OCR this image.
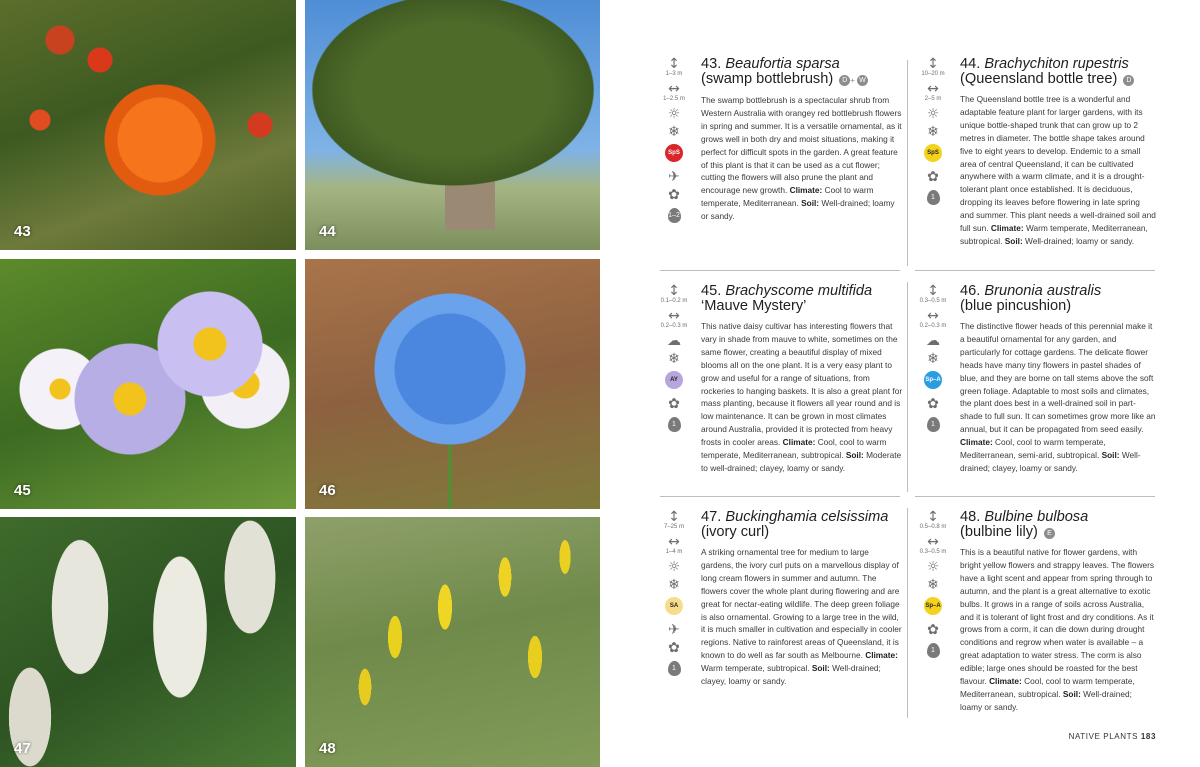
43	44
45	46
47	48
↕
1–3 m
↔
1–2.5 m
☼
❄
SpS
✈
✿
1–2
43. Beaufortia sparsa
(swamp bottlebrush) D + W
The swamp bottlebrush is a spectacular shrub from Western Australia with orangey red bottlebrush flowers in spring and summer. It is a versatile ornamental, as it grows well in both dry and moist situations, making it perfect for difficult spots in the garden. A great feature of this plant is that it can be used as a cut flower; cutting the flowers will also prune the plant and encourage new growth. Climate: Cool to warm temperate, Mediterranean. Soil: Well-drained; loamy or sandy.
↕
10–20 m
↔
2–5 m
☼
❄
SpS
✿
1
44. Brachychiton rupestris
(Queensland bottle tree) D
The Queensland bottle tree is a wonderful and adaptable feature plant for larger gardens, with its unique bottle-shaped trunk that can grow up to 2 metres in diameter. The bottle shape takes around five to eight years to develop. Endemic to a small area of central Queensland, it can be cultivated anywhere with a warm climate, and it is a drought-tolerant plant once established. It is deciduous, dropping its leaves before flowering in late spring and summer. This plant needs a well-drained soil and full sun. Climate: Warm temperate, Mediterranean, subtropical. Soil: Well-drained; loamy or sandy.
↕
0.1–0.2 m
↔
0.2–0.3 m
☁
❄
AY
✿
1
45. Brachyscome multifida
‘Mauve Mystery’
This native daisy cultivar has interesting flowers that vary in shade from mauve to white, sometimes on the same flower, creating a beautiful display of mixed blooms all on the one plant. It is a very easy plant to grow and useful for a range of situations, from rockeries to hanging baskets. It is also a great plant for mass planting, because it flowers all year round and is low maintenance. It can be grown in most climates around Australia, provided it is protected from heavy frosts in cooler areas. Climate: Cool, cool to warm temperate, Mediterranean, subtropical. Soil: Moderate to well-drained; clayey, loamy or sandy.
↕
0.3–0.5 m
↔
0.2–0.3 m
☁
❄
Sp–A
✿
1
46. Brunonia australis
(blue pincushion)
The distinctive flower heads of this perennial make it a beautiful ornamental for any garden, and particularly for cottage gardens. The delicate flower heads have many tiny flowers in pastel shades of blue, and they are borne on tall stems above the soft green foliage. Adaptable to most soils and climates, the plant does best in a well-drained soil in part-shade to full sun. It can sometimes grow more like an annual, but it can be propagated from seed easily. Climate: Cool, cool to warm temperate, Mediterranean, semi-arid, subtropical. Soil: Well-drained; clayey, loamy or sandy.
↕
7–25 m
↔
1–4 m
☼
❄
SA
✈
✿
1
47. Buckinghamia celsissima
(ivory curl)
A striking ornamental tree for medium to large gardens, the ivory curl puts on a marvellous display of long cream flowers in summer and autumn. The flowers cover the whole plant during flowering and are great for nectar-eating wildlife. The deep green foliage is also ornamental. Growing to a large tree in the wild, it is much smaller in cultivation and especially in cooler regions. Native to rainforest areas of Queensland, it is known to do well as far south as Melbourne. Climate: Warm temperate, subtropical. Soil: Well-drained; clayey, loamy or sandy.
↕
0.5–0.8 m
↔
0.3–0.5 m
☼
❄
Sp–A
✿
1
48. Bulbine bulbosa
(bulbine lily) E
This is a beautiful native for flower gardens, with bright yellow flowers and strappy leaves. The flowers have a light scent and appear from spring through to autumn, and the plant is a great alternative to exotic bulbs. It grows in a range of soils across Australia, and it is tolerant of light frost and dry conditions. As it grows from a corm, it can die down during drought conditions and regrow when water is available – a great adaptation to water stress. The corm is also edible; large ones should be roasted for the best flavour. Climate: Cool, cool to warm temperate, Mediterranean, subtropical. Soil: Well-drained; loamy or sandy.
NATIVE PLANTS 183
